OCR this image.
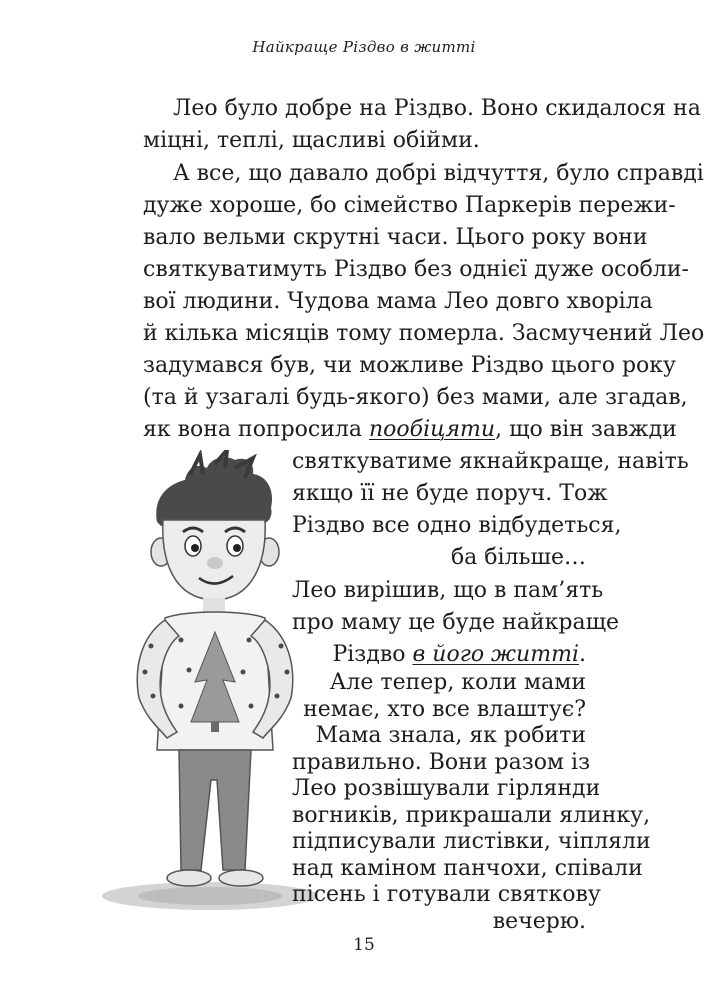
Найкраще Різдво в житті
Лео було добре на Різдво. Воно скидалося на
міцні, теплі, щасливі обійми.
А все, що давало добрі відчуття, було справді
дуже хороше, бо сімейство Паркерів пережи-
вало вельми скрутні часи. Цього року вони
святкуватимуть Різдво без однієї дуже особли-
вої людини. Чудова мама Лео довго хворіла
й кілька місяців тому померла. Засмучений Лео
задумався був, чи можливе Різдво цього року
(та й узагалі будь-якого) без мами, але згадав,
як вона попросила пообіцяти, що він завжди
святкуватиме якнайкраще, навіть
якщо її не буде поруч. Тож
Різдво все одно відбудеться,
ба більше…
Лео вирішив, що в пам’ять
про маму це буде найкраще
Різдво в його житті.
15
Але тепер, коли мами
немає, хто все влаштує?
Мама знала, як робити
правильно. Вони разом із
Лео розвішували гірлянди
вогників, прикрашали ялинку,
підписували листівки, чіпляли
над каміном панчохи, співали
пісень і готували святкову
вечерю.
